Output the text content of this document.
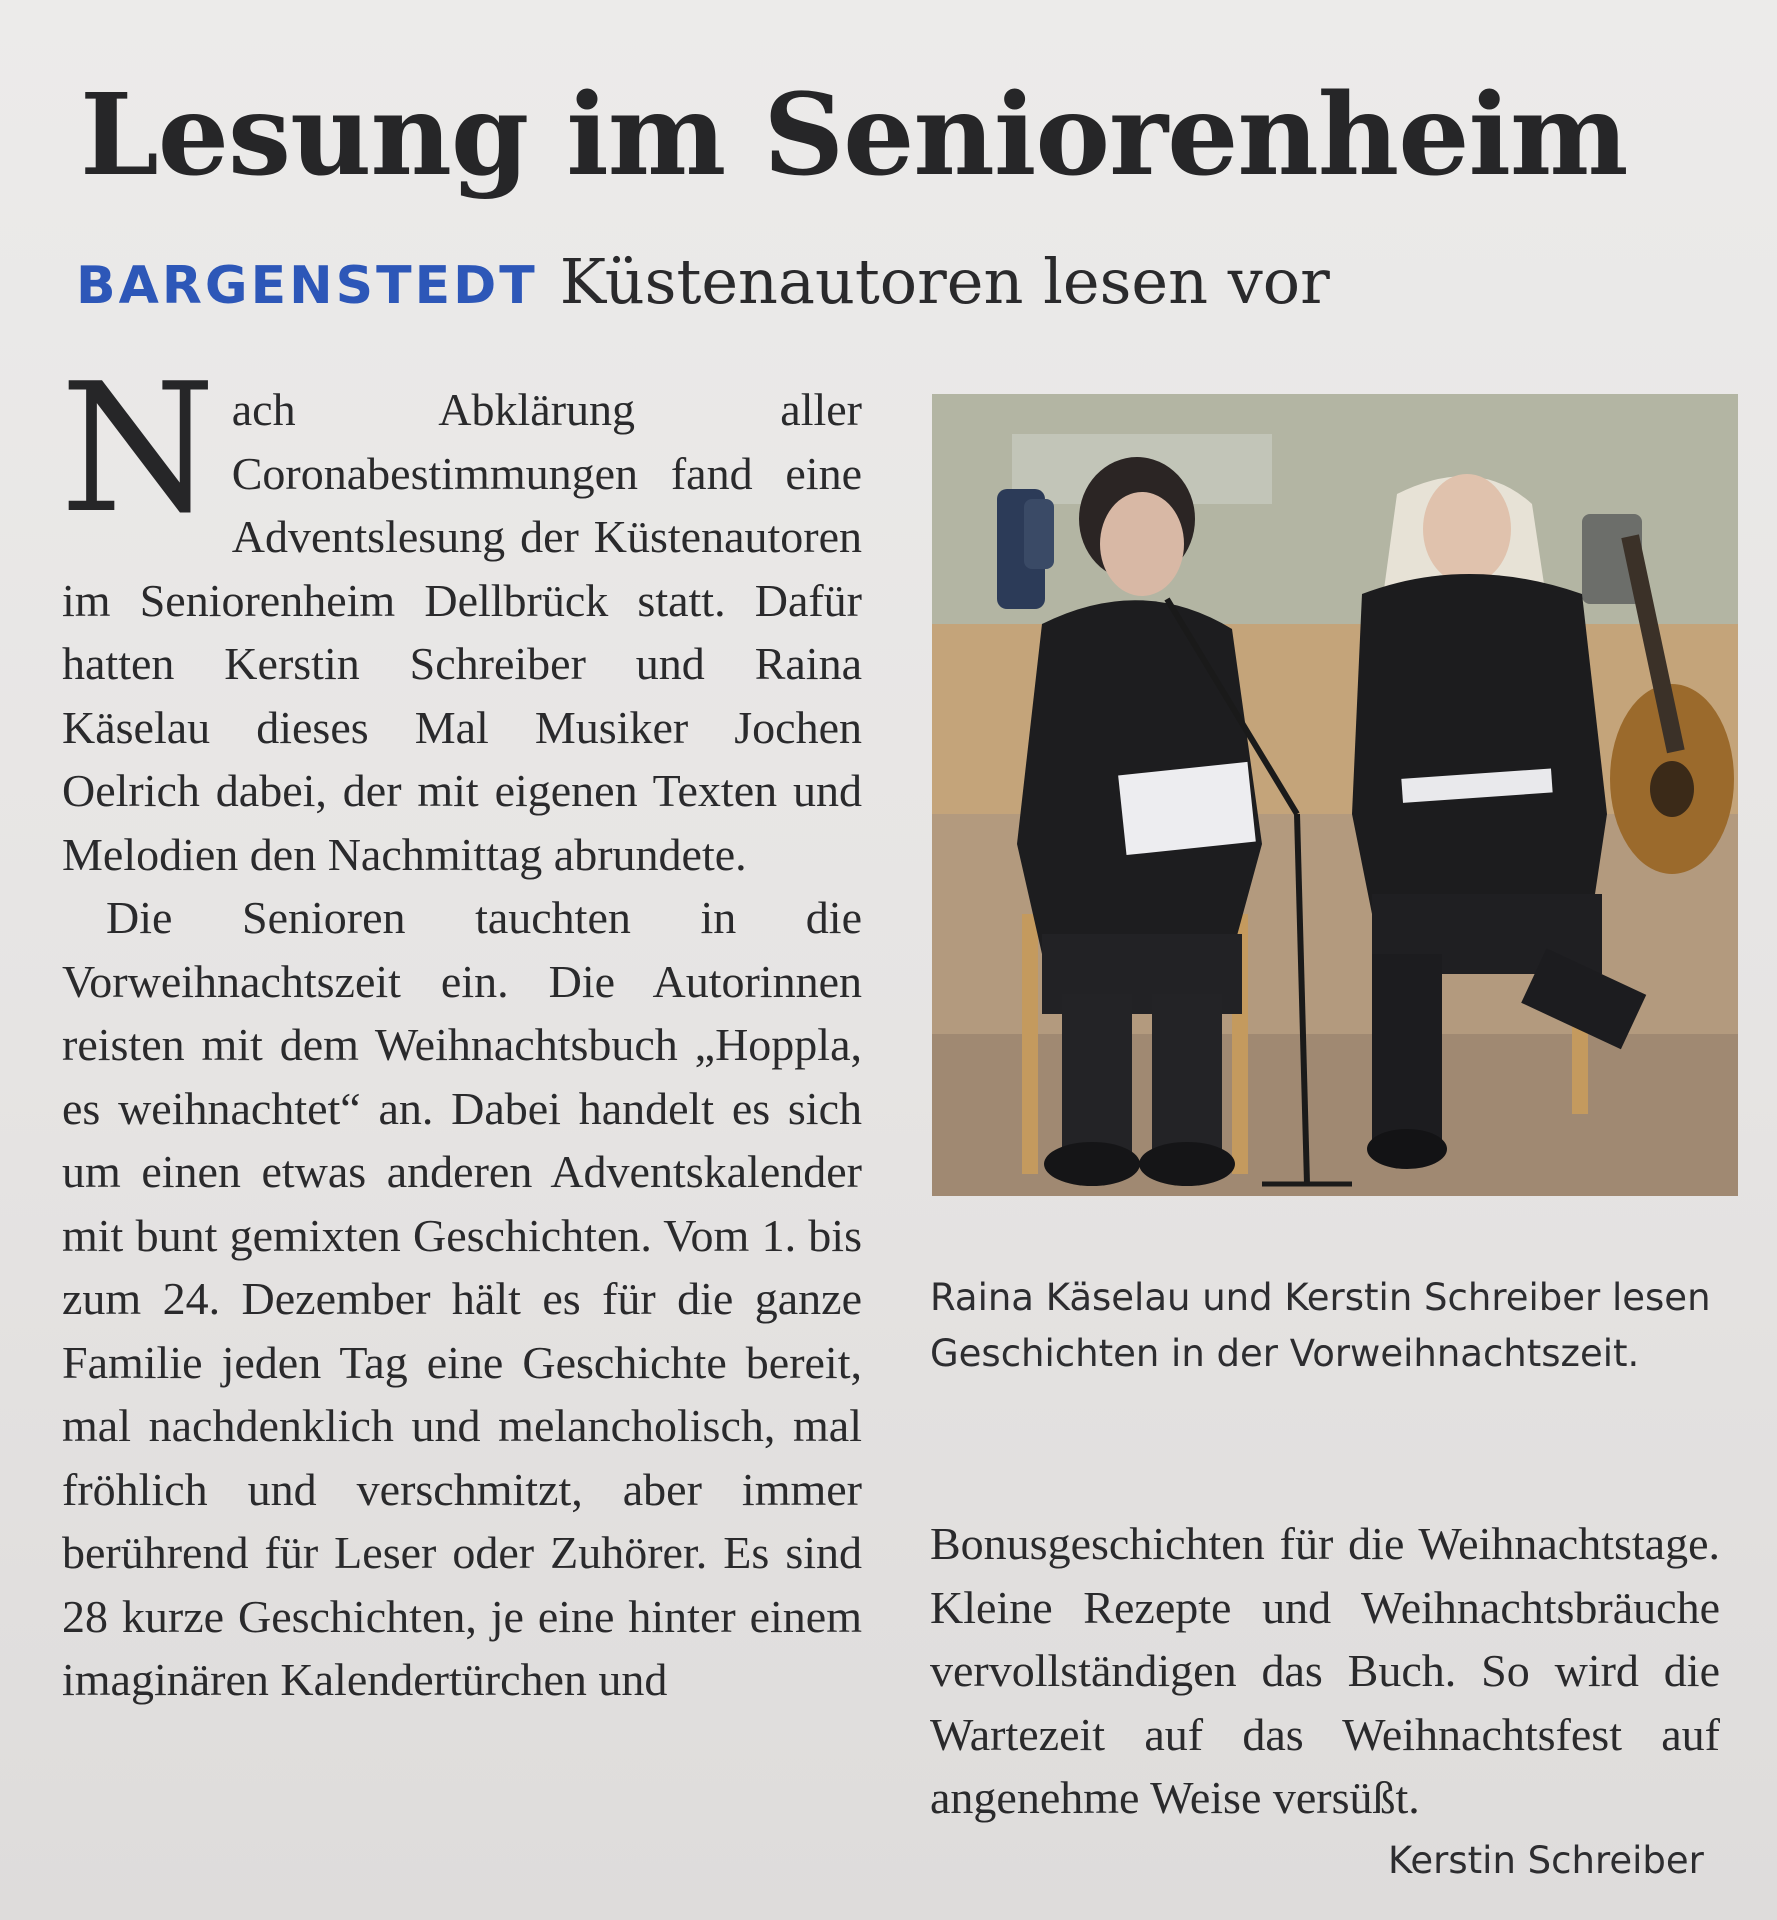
Lesung im Seniorenheim
BARGENSTEDT Küstenautoren lesen vor

Nach Abklärung aller Coronabestimmungen fand eine Adventslesung der Küstenautoren im Seniorenheim Dellbrück statt. Dafür hatten Kerstin Schreiber und Raina Käselau dieses Mal Musiker Jochen Oelrich dabei, der mit eigenen Texten und Melodien den Nachmittag abrundete.

Die Senioren tauchten in die Vorweihnachtszeit ein. Die Autorinnen reisten mit dem Weihnachtsbuch „Hoppla, es weihnachtet“ an. Dabei handelt es sich um einen etwas anderen Adventskalender mit bunt gemixten Geschichten. Vom 1. bis zum 24. Dezember hält es für die ganze Familie jeden Tag eine Geschichte bereit, mal nachdenklich und melancholisch, mal fröhlich und verschmitzt, aber immer berührend für Leser oder Zuhörer. Es sind 28 kurze Geschichten, je eine hinter einem imaginären Kalendertürchen und

Raina Käselau und Kerstin Schreiber lesen Geschichten in der Vorweihnachtszeit.

Bonusgeschichten für die Weihnachtstage. Kleine Rezepte und Weihnachtsbräuche vervollständigen das Buch. So wird die Wartezeit auf das Weihnachtsfest auf angenehme Weise versüßt.

Kerstin Schreiber
